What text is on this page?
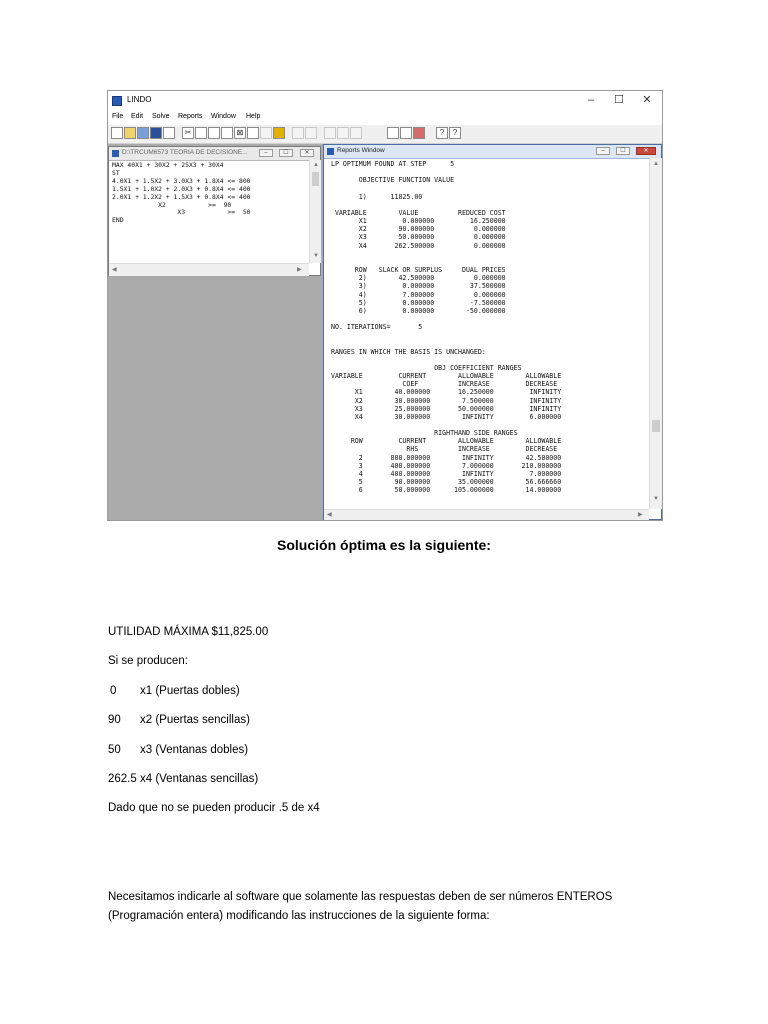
LINDO	–	☐	✕
File Edit Solve Reports Window Help
✂	⊠	?	?
D:\TRCUM6573 TEORIA DE DECISIONE...	–	☐	✕
MAX 40X1 + 30X2 + 25X3 + 30X4
ST
4.0X1 + 1.5X2 + 3.0X3 + 1.8X4 <= 800
1.5X1 + 1.0X2 + 2.0X3 + 0.8X4 <= 400
2.0X1 + 1.2X2 + 1.5X3 + 0.8X4 <= 400
X2           >=  90
X3           >=  50
END
▲
▼
◀	▶
Reports Window	–	☐	✕
LP OPTIMUM FOUND AT STEP      5

OBJECTIVE FUNCTION VALUE

1)      11825.00

VARIABLE        VALUE          REDUCED COST
X1         0.000000         16.250000
X2        90.000000          0.000000
X3        50.000000          0.000000
X4       262.500000          0.000000

ROW   SLACK OR SURPLUS     DUAL PRICES
2)        42.500000          0.000000
3)         0.000000         37.500000
4)         7.000000          0.000000
5)         0.000000         -7.500000
6)         0.000000        -50.000000

NO. ITERATIONS=       5

RANGES IN WHICH THE BASIS IS UNCHANGED:

OBJ COEFFICIENT RANGES
VARIABLE         CURRENT        ALLOWABLE        ALLOWABLE
COEF          INCREASE         DECREASE
X1        40.000000       16.250000         INFINITY
X2        30.000000        7.500000         INFINITY
X3        25.000000       50.000000         INFINITY
X4        30.000000        INFINITY         6.000000

RIGHTHAND SIDE RANGES
ROW         CURRENT        ALLOWABLE        ALLOWABLE
RHS          INCREASE         DECREASE
2       800.000000        INFINITY        42.500000
3       400.000000        7.000000       210.000000
4       400.000000        INFINITY         7.000000
5        90.000000       35.000000        56.666660
6        50.000000      105.000000        14.000000
▲
▼
◀	▶
Solución óptima es la siguiente:
UTILIDAD MÁXIMA $11,825.00
Si se producen:
0 x1 (Puertas dobles)
90 x2 (Puertas sencillas)
50 x3 (Ventanas dobles)
262.5 x4 (Ventanas sencillas)
Dado que no se pueden producir .5 de x4
Necesitamos indicarle al software que solamente las respuestas deben de ser números ENTEROS (Programación entera) modificando las instrucciones de la siguiente forma:
